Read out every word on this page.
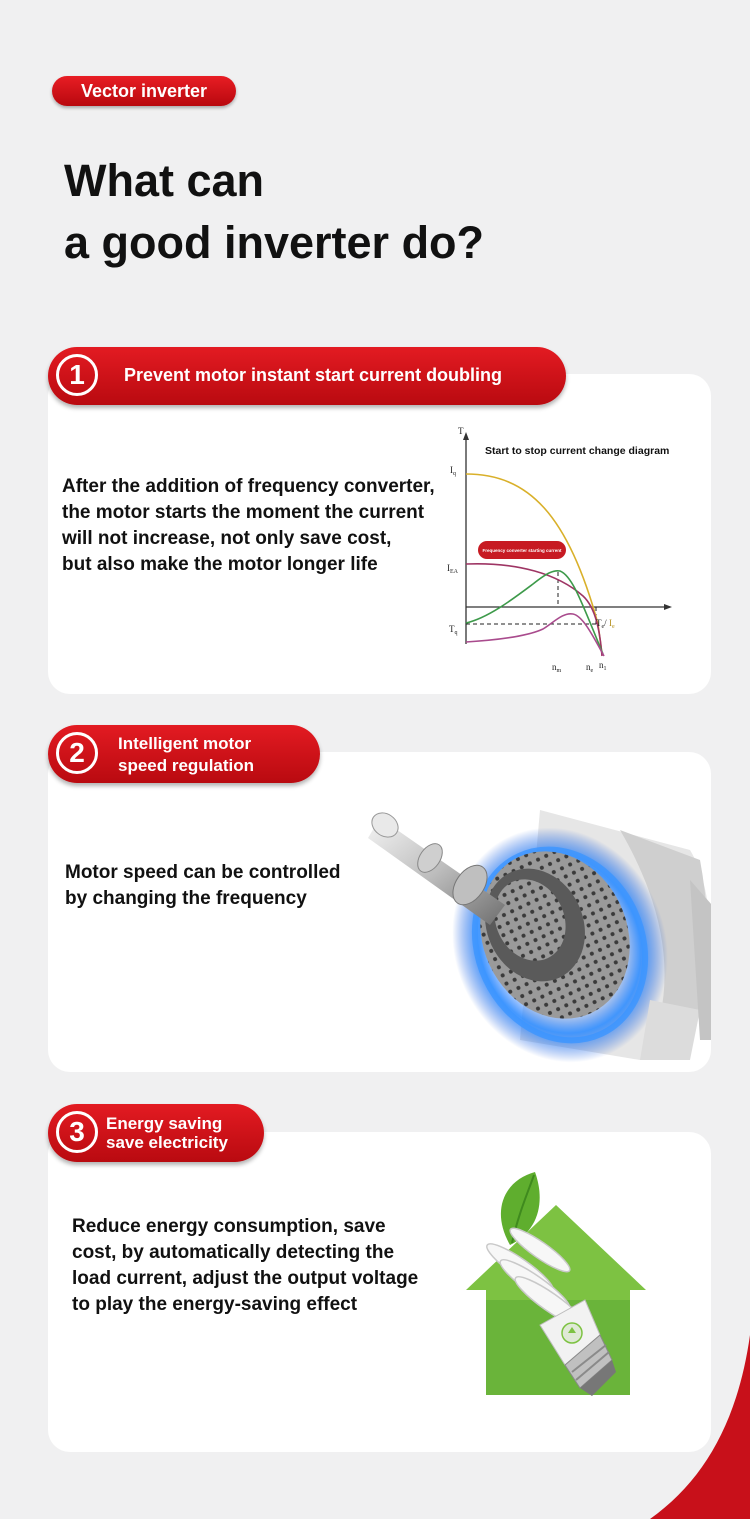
Vector inverter
What can
a good inverter do?

After the addition of frequency converter,
the motor starts the moment the current
will not increase, not only save cost,
but also make the motor longer life

T
Start to stop current change diagram
$I_q$
$I_{EA}$
$T_q$
Frequency converter starting current
$T_e/$ $I_e$
$n_m$	$n_e$
$n_1$
1	Prevent motor instant start current doubling

Motor speed can be controlled
by changing the frequency

2	Intelligent motor
speed regulation

Reduce energy consumption, save
cost, by automatically detecting the
load current, adjust the output voltage
to play the energy-saving effect

3	Energy saving
save electricity
